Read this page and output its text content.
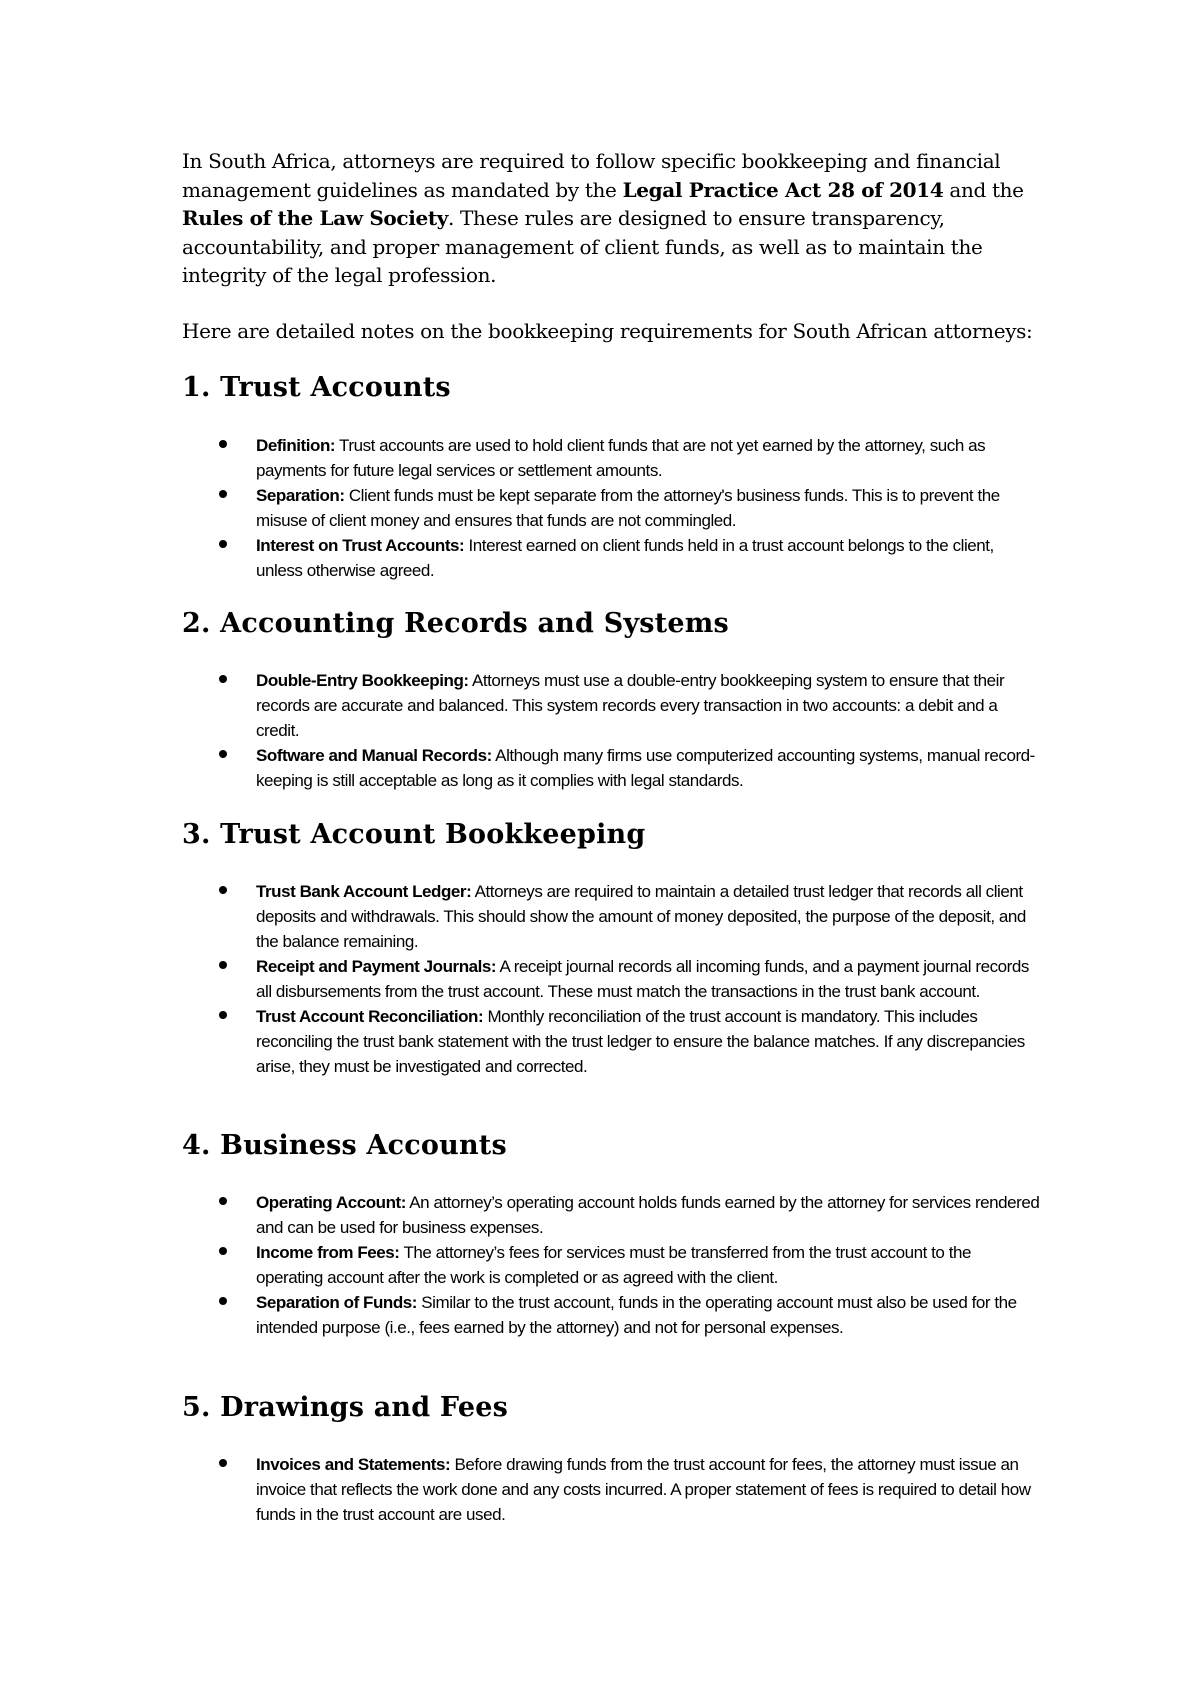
In South Africa, attorneys are required to follow specific bookkeeping and financial management guidelines as mandated by the Legal Practice Act 28 of 2014 and the Rules of the Law Society. These rules are designed to ensure transparency, accountability, and proper management of client funds, as well as to maintain the integrity of the legal profession.

Here are detailed notes on the bookkeeping requirements for South African attorneys:

1. Trust Accounts
Definition: Trust accounts are used to hold client funds that are not yet earned by the attorney, such as payments for future legal services or settlement amounts.
Separation: Client funds must be kept separate from the attorney's business funds. This is to prevent the misuse of client money and ensures that funds are not commingled.
Interest on Trust Accounts: Interest earned on client funds held in a trust account belongs to the client, unless otherwise agreed.
2. Accounting Records and Systems
Double-Entry Bookkeeping: Attorneys must use a double-entry bookkeeping system to ensure that their records are accurate and balanced. This system records every transaction in two accounts: a debit and a credit.
Software and Manual Records: Although many firms use computerized accounting systems, manual record-keeping is still acceptable as long as it complies with legal standards.
3. Trust Account Bookkeeping
Trust Bank Account Ledger: Attorneys are required to maintain a detailed trust ledger that records all client deposits and withdrawals. This should show the amount of money deposited, the purpose of the deposit, and the balance remaining.
Receipt and Payment Journals: A receipt journal records all incoming funds, and a payment journal records all disbursements from the trust account. These must match the transactions in the trust bank account.
Trust Account Reconciliation: Monthly reconciliation of the trust account is mandatory. This includes reconciling the trust bank statement with the trust ledger to ensure the balance matches. If any discrepancies arise, they must be investigated and corrected.
4. Business Accounts
Operating Account: An attorney’s operating account holds funds earned by the attorney for services rendered and can be used for business expenses.
Income from Fees: The attorney’s fees for services must be transferred from the trust account to the operating account after the work is completed or as agreed with the client.
Separation of Funds: Similar to the trust account, funds in the operating account must also be used for the intended purpose (i.e., fees earned by the attorney) and not for personal expenses.
5. Drawings and Fees
Invoices and Statements: Before drawing funds from the trust account for fees, the attorney must issue an invoice that reflects the work done and any costs incurred. A proper statement of fees is required to detail how funds in the trust account are used.
